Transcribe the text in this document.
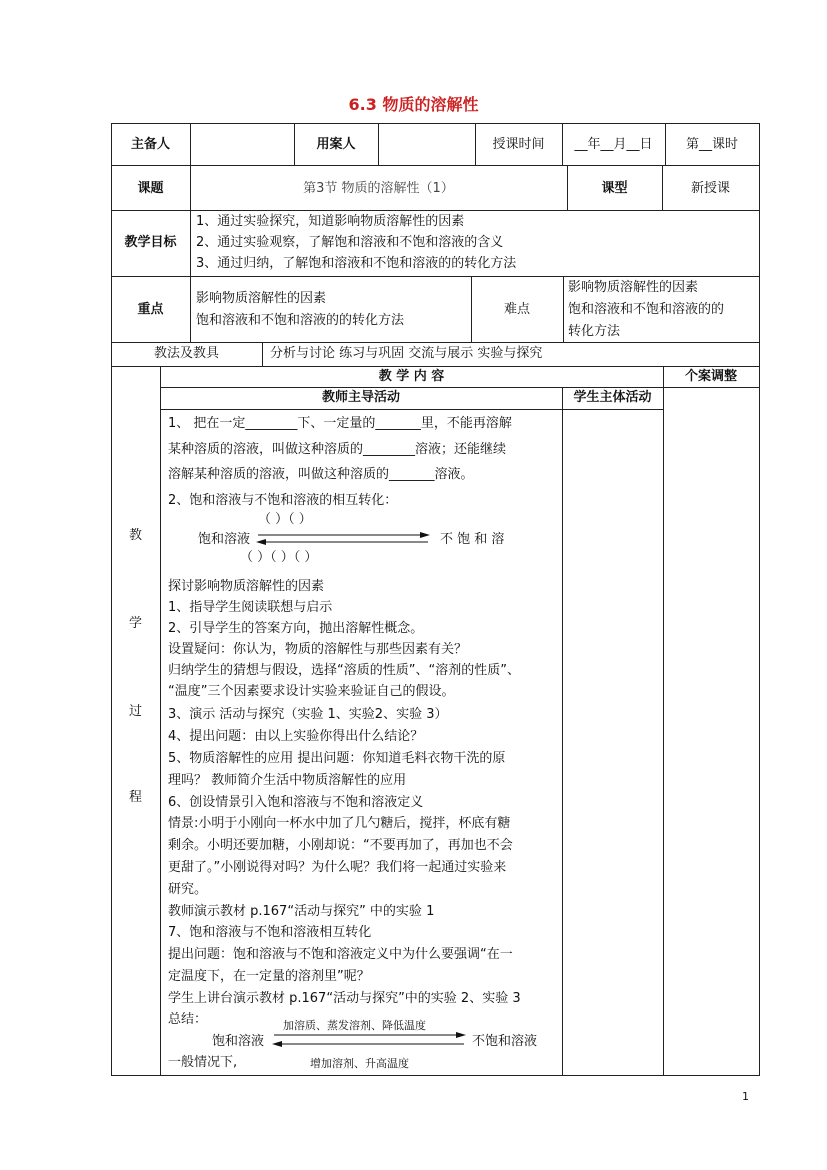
6.3 物质的溶解性
主备人	用案人	授课时间	__年__月__日	第__课时
课题	第3节 物质的溶解性（1）	课型	新授课
教学目标
1、通过实验探究，知道影响物质溶解性的因素
2、通过实验观察，了解饱和溶液和不饱和溶液的含义
3、通过归纳，了解饱和溶液和不饱和溶液的的转化方法
重点
影响物质溶解性的因素
饱和溶液和不饱和溶液的的转化方法
难点
影响物质溶解性的因素
饱和溶液和不饱和溶液的的
转化方法
教法及教具	分析与讨论 练习与巩固 交流与展示 实验与探究
教 学 内 容	个案调整
教师主导活动	学生主体活动
教
学
过
程
1、 把在一定________下、一定量的_______里，不能再溶解
某种溶质的溶液，叫做这种溶质的________溶液；还能继续
溶解某种溶质的溶液，叫做这种溶质的_______溶液。
2、饱和溶液与不饱和溶液的相互转化：
（ ）（ ）
饱和溶液	不 饱 和 溶
（ ）（ ）（ ）
探讨影响物质溶解性的因素
1、指导学生阅读联想与启示
2、引导学生的答案方向，抛出溶解性概念。
设置疑问：你认为，物质的溶解性与那些因素有关？
归纳学生的猜想与假设，选择“溶质的性质”、“溶剂的性质”、
“温度”三个因素要求设计实验来验证自己的假设。
3、演示 活动与探究（实验 1、实验2、实验 3）
4、提出问题：由以上实验你得出什么结论？
5、物质溶解性的应用 提出问题：你知道毛料衣物干洗的原
理吗？ 教师简介生活中物质溶解性的应用
6、创设情景引入饱和溶液与不饱和溶液定义
情景:小明于小刚向一杯水中加了几勺糖后，搅拌，杯底有糖
剩余。小明还要加糖，小刚却说：“不要再加了，再加也不会
更甜了。”小刚说得对吗？为什么呢？我们将一起通过实验来
研究。
教师演示教材 p.167“活动与探究” 中的实验 1
7、饱和溶液与不饱和溶液相互转化
提出问题：饱和溶液与不饱和溶液定义中为什么要强调“在一
定温度下，在一定量的溶剂里”呢？
学生上讲台演示教材 p.167“活动与探究”中的实验 2、实验 3
总结：	加溶质、蒸发溶剂、降低温度
饱和溶液	不饱和溶液
一般情况下,	增加溶剂、升高温度
1
